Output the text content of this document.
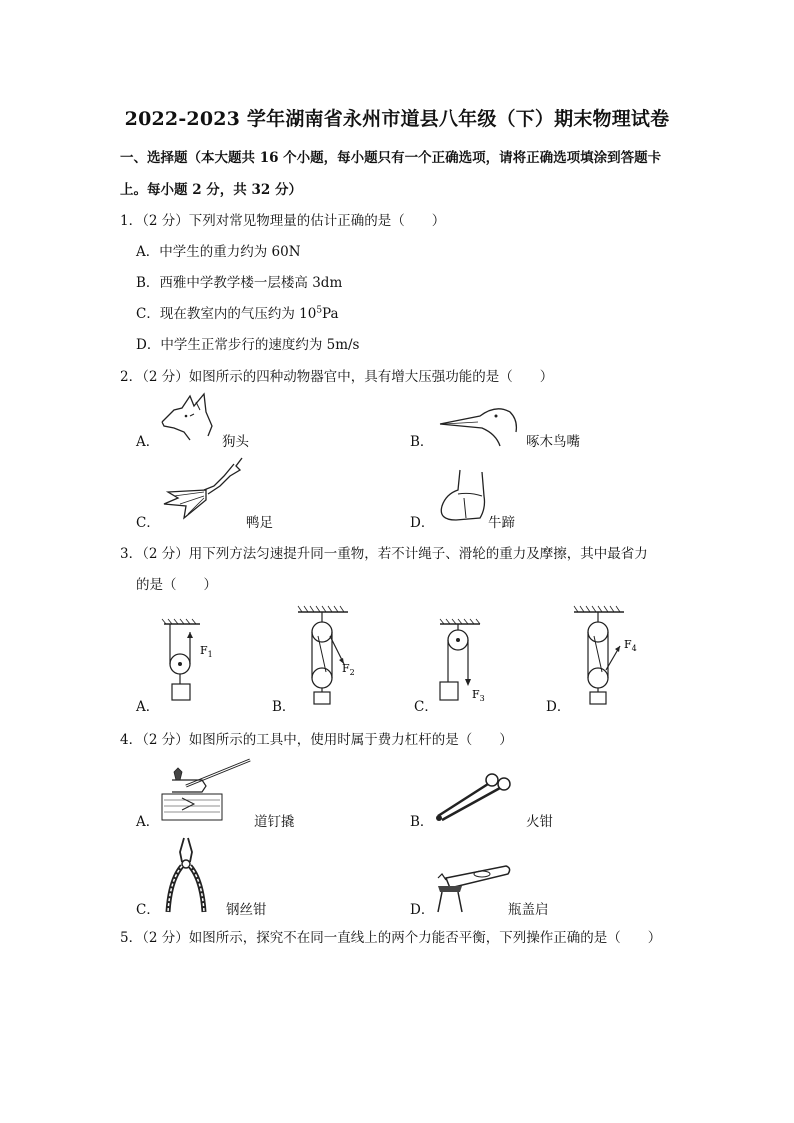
2022-2023 学年湖南省永州市道县八年级（下）期末物理试卷
一、选择题（本大题共 16 个小题，每小题只有一个正确选项，请将正确选项填涂到答题卡
上。每小题 2 分，共 32 分）
1．（2 分）下列对常见物理量的估计正确的是（　　）
A．中学生的重力约为 60N
B．西雅中学教学楼一层楼高 3dm
C．现在教室内的气压约为 $10^5Pa$
D．中学生正常步行的速度约为 5m/s
2．（2 分）如图所示的四种动物器官中，具有增大压强功能的是（　　）
A．	狗头	B．	啄木鸟嘴
C．	鸭足	D．	牛蹄
3．（2 分）用下列方法匀速提升同一重物，若不计绳子、滑轮的重力及摩擦，其中最省力
的是（　　）
A．
$F_1$
B．
$F_2$
C．
$F_3$
D．
$F_4$
4．（2 分）如图所示的工具中，使用时属于费力杠杆的是（　　）
A．	道钉撬	B．	火钳
C．	钢丝钳	D．	瓶盖启
5．（2 分）如图所示，探究不在同一直线上的两个力能否平衡，下列操作正确的是（　　）
